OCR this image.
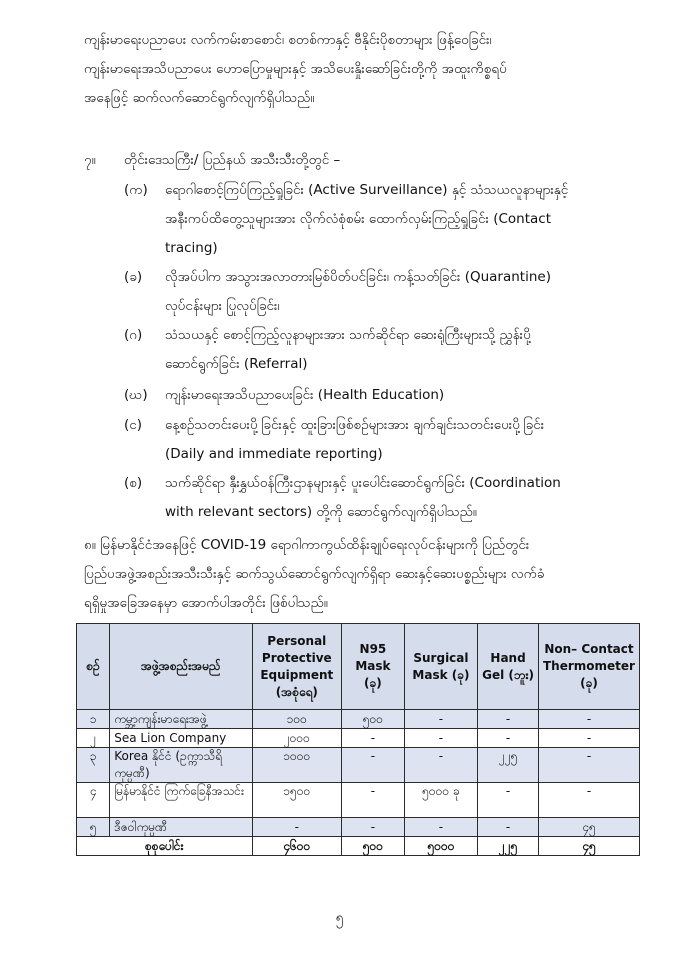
ကျန်းမာရေးပညာပေး လက်ကမ်းစာစောင်၊ စတစ်ကာနှင့် ဗီနိုင်းပိုစတာများ ဖြန့်ဝေခြင်း၊
ကျန်းမာရေးအသိပညာပေး ဟောပြောမှုများနှင့် အသိပေးနှိုးဆော်ခြင်းတို့ကို အထူးကိစ္စရပ်
အနေဖြင့် ဆက်လက်ဆောင်ရွက်လျက်ရှိပါသည်။
၇။ တိုင်းဒေသကြီး/ ပြည်နယ် အသီးသီးတို့တွင် –
(က)	ရောဂါစောင့်ကြပ်ကြည့်ရှုခြင်း (Active Surveillance) နှင့် သံသယလူနာများနှင့်
အနီးကပ်ထိတွေ့သူများအား လိုက်လံစုံစမ်း ထောက်လှမ်းကြည့်ရှုခြင်း (Contact
tracing)
(ခ)	လိုအပ်ပါက အသွားအလာတားမြစ်ပိတ်ပင်ခြင်း၊ ကန့်သတ်ခြင်း (Quarantine)
လုပ်ငန်းများ ပြုလုပ်ခြင်း၊
(ဂ)	သံသယနှင့် စောင့်ကြည့်လူနာများအား သက်ဆိုင်ရာ ဆေးရုံကြီးများသို့ ညွှန်းပို့
ဆောင်ရွက်ခြင်း (Referral)
(ဃ)	ကျန်းမာရေးအသိပညာပေးခြင်း (Health Education)
(င)	နေ့စဉ်သတင်းပေးပို့ခြင်းနှင့် ထူးခြားဖြစ်စဉ်များအား ချက်ချင်းသတင်းပေးပို့ခြင်း
(Daily and immediate reporting)
(စ)	သက်ဆိုင်ရာ နှီးနွှယ်ဝန်ကြီးဌာနများနှင့် ပူးပေါင်းဆောင်ရွက်ခြင်း (Coordination
with relevant sectors) တို့ကို ဆောင်ရွက်လျက်ရှိပါသည်။
၈။ မြန်မာနိုင်ငံအနေဖြင့် COVID-19 ရောဂါကာကွယ်ထိန်းချုပ်ရေးလုပ်ငန်းများကို ပြည်တွင်း
ပြည်ပအဖွဲ့အစည်းအသီးသီးနှင့် ဆက်သွယ်ဆောင်ရွက်လျက်ရှိရာ ဆေးနှင့်ဆေးပစ္စည်းများ လက်ခံ
ရရှိမှုအခြေအနေမှာ အောက်ပါအတိုင်း ဖြစ်ပါသည်။
စဉ်	အဖွဲ့အစည်းအမည်	Personal Protective Equipment (အစုံရေ)	N95 Mask (ခု)	Surgical Mask (ခု)	Hand Gel (ဘူး)	Non– Contact Thermometer (ခု)
၁	ကမ္ဘာ့ကျန်းမာရေးအဖွဲ့	၁၀၀	၅၀၀	-	-	-
၂	Sea Lion Company	၂၀၀၀	-	-	-	-
၃	Korea နိုင်ငံ (ဥက္ကာသီရိကုမ္ပဏီ)	၁၀၀၀	-	-	၂၂၅	-
၄	မြန်မာနိုင်ငံ ကြက်ခြေနီအသင်း	၁၅၀၀	-	၅၀၀၀ ခု	-	-
၅	ဒီဇဝါကုမ္ပဏီ	-	-	-	-	၄၅
စုစုပေါင်း		၄၆၀၀	၅၀၀	၅၀၀၀	၂၂၅	၄၅
၅
